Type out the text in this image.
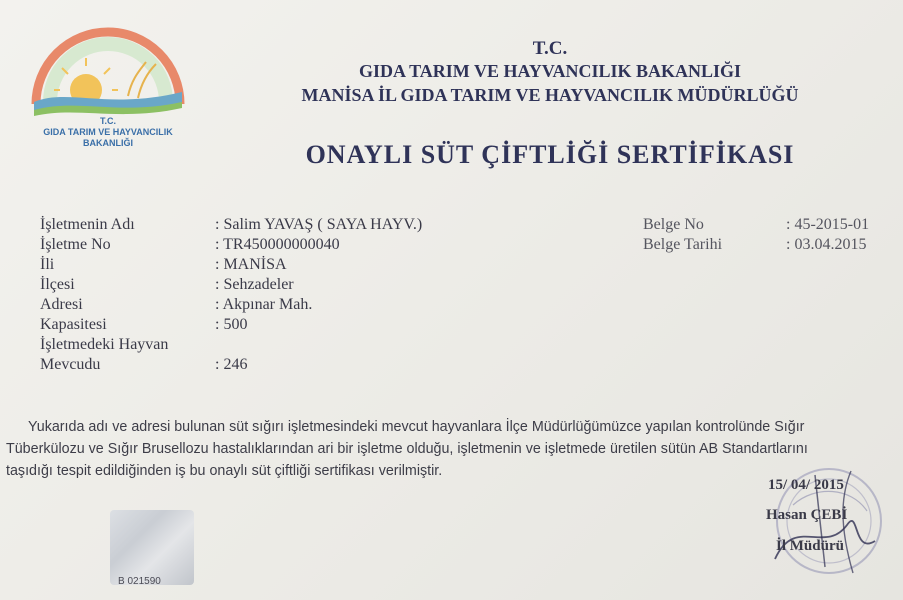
T.C.
GIDA TARIM VE HAYVANCILIK
BAKANLIĞI
T.C.
GIDA TARIM VE HAYVANCILIK BAKANLIĞI
MANİSA İL GIDA TARIM VE HAYVANCILIK MÜDÜRLÜĞÜ
ONAYLI SÜT ÇİFTLİĞİ SERTİFİKASI
İşletmenin Adı	: Salim YAVAŞ ( SAYA HAYV.)
İşletme No	: TR450000000040
İli	: MANİSA
İlçesi	: Sehzadeler
Adresi	: Akpınar Mah.
Kapasitesi	: 500
İşletmedeki Hayvan
Mevcudu	: 246
Belge No	: 45-2015-01
Belge Tarihi	: 03.04.2015
Yukarıda adı ve adresi bulunan süt sığırı işletmesindeki mevcut hayvanlara İlçe Müdürlüğümüzce yapılan kontrolünde Sığır
Tüberkülozu ve Sığır Brusellozu hastalıklarından ari bir işletme olduğu, işletmenin ve işletmede üretilen sütün AB Standartlarını
taşıdığı tespit edildiğinden iş bu onaylı süt çiftliği sertifikası verilmiştir.
15/ 04/ 2015
Hasan ÇEBİ
İl Müdürü
B 021590
